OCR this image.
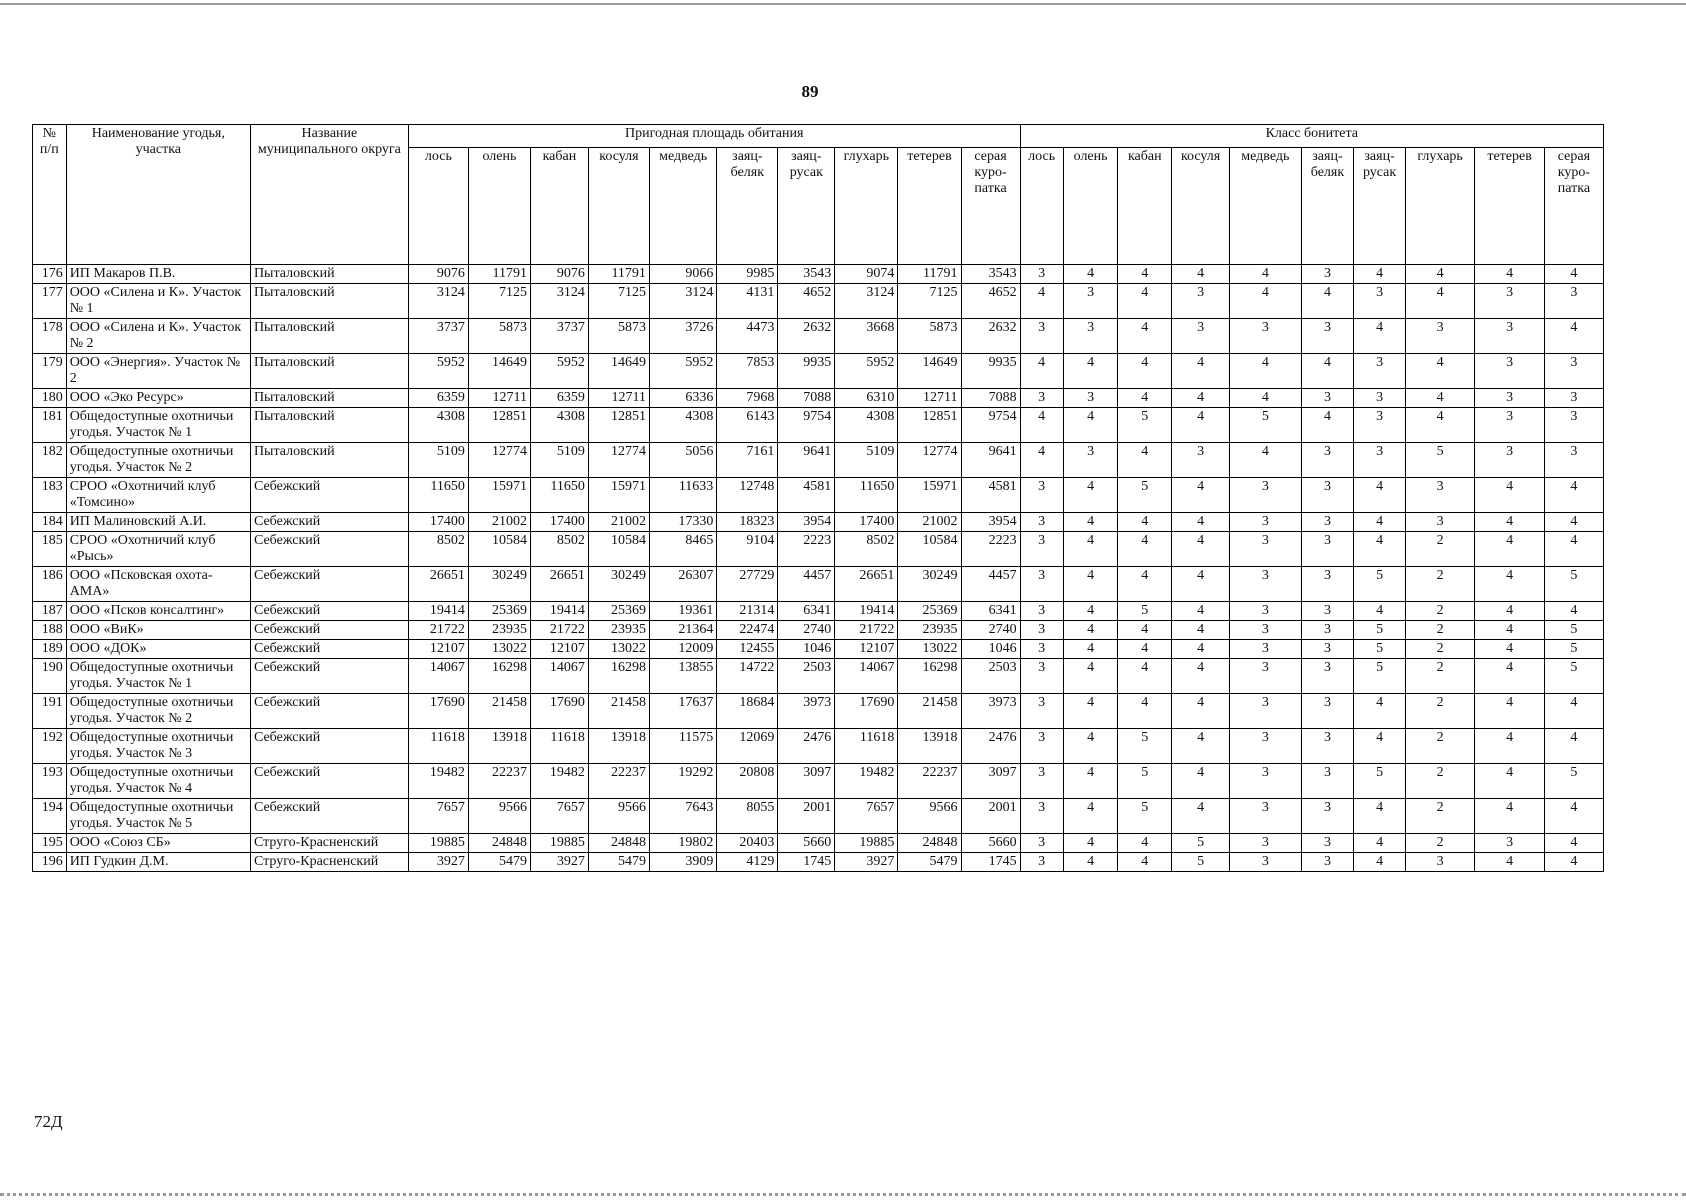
89
№ п/п	Наименование угодья, участка	Название муниципального округа	Пригодная площадь обитания										Класс бонитета									
			лось	олень	кабан	косуля	медведь	заяц-беляк	заяц-русак	глухарь	тетерев	серая куро-патка	лось	олень	кабан	косуля	медведь	заяц-беляк	заяц-русак	глухарь	тетерев	серая куро-патка
176	ИП Макаров П.В.	Пыталовский	9076	11791	9076	11791	9066	9985	3543	9074	11791	3543	3	4	4	4	4	3	4	4	4	4
177	ООО «Силена и К». Участок № 1	Пыталовский	3124	7125	3124	7125	3124	4131	4652	3124	7125	4652	4	3	4	3	4	4	3	4	3	3
178	ООО «Силена и К». Участок № 2	Пыталовский	3737	5873	3737	5873	3726	4473	2632	3668	5873	2632	3	3	4	3	3	3	4	3	3	4
179	ООО «Энергия». Участок № 2	Пыталовский	5952	14649	5952	14649	5952	7853	9935	5952	14649	9935	4	4	4	4	4	4	3	4	3	3
180	ООО «Эко Ресурс»	Пыталовский	6359	12711	6359	12711	6336	7968	7088	6310	12711	7088	3	3	4	4	4	3	3	4	3	3
181	Общедоступные охотничьи угодья. Участок № 1	Пыталовский	4308	12851	4308	12851	4308	6143	9754	4308	12851	9754	4	4	5	4	5	4	3	4	3	3
182	Общедоступные охотничьи угодья. Участок № 2	Пыталовский	5109	12774	5109	12774	5056	7161	9641	5109	12774	9641	4	3	4	3	4	3	3	5	3	3
183	СРОО «Охотничий клуб «Томсино»	Себежский	11650	15971	11650	15971	11633	12748	4581	11650	15971	4581	3	4	5	4	3	3	4	3	4	4
184	ИП Малиновский А.И.	Себежский	17400	21002	17400	21002	17330	18323	3954	17400	21002	3954	3	4	4	4	3	3	4	3	4	4
185	СРОО «Охотничий клуб «Рысь»	Себежский	8502	10584	8502	10584	8465	9104	2223	8502	10584	2223	3	4	4	4	3	3	4	2	4	4
186	ООО «Псковская охота-АМА»	Себежский	26651	30249	26651	30249	26307	27729	4457	26651	30249	4457	3	4	4	4	3	3	5	2	4	5
187	ООО «Псков консалтинг»	Себежский	19414	25369	19414	25369	19361	21314	6341	19414	25369	6341	3	4	5	4	3	3	4	2	4	4
188	ООО «ВиК»	Себежский	21722	23935	21722	23935	21364	22474	2740	21722	23935	2740	3	4	4	4	3	3	5	2	4	5
189	ООО «ДОК»	Себежский	12107	13022	12107	13022	12009	12455	1046	12107	13022	1046	3	4	4	4	3	3	5	2	4	5
190	Общедоступные охотничьи угодья. Участок № 1	Себежский	14067	16298	14067	16298	13855	14722	2503	14067	16298	2503	3	4	4	4	3	3	5	2	4	5
191	Общедоступные охотничьи угодья. Участок № 2	Себежский	17690	21458	17690	21458	17637	18684	3973	17690	21458	3973	3	4	4	4	3	3	4	2	4	4
192	Общедоступные охотничьи угодья. Участок № 3	Себежский	11618	13918	11618	13918	11575	12069	2476	11618	13918	2476	3	4	5	4	3	3	4	2	4	4
193	Общедоступные охотничьи угодья. Участок № 4	Себежский	19482	22237	19482	22237	19292	20808	3097	19482	22237	3097	3	4	5	4	3	3	5	2	4	5
194	Общедоступные охотничьи угодья. Участок № 5	Себежский	7657	9566	7657	9566	7643	8055	2001	7657	9566	2001	3	4	5	4	3	3	4	2	4	4
195	ООО «Союз СБ»	Струго-Красненский	19885	24848	19885	24848	19802	20403	5660	19885	24848	5660	3	4	4	5	3	3	4	2	3	4
196	ИП Гудкин Д.М.	Струго-Красненский	3927	5479	3927	5479	3909	4129	1745	3927	5479	1745	3	4	4	5	3	3	4	3	4	4
72Д
